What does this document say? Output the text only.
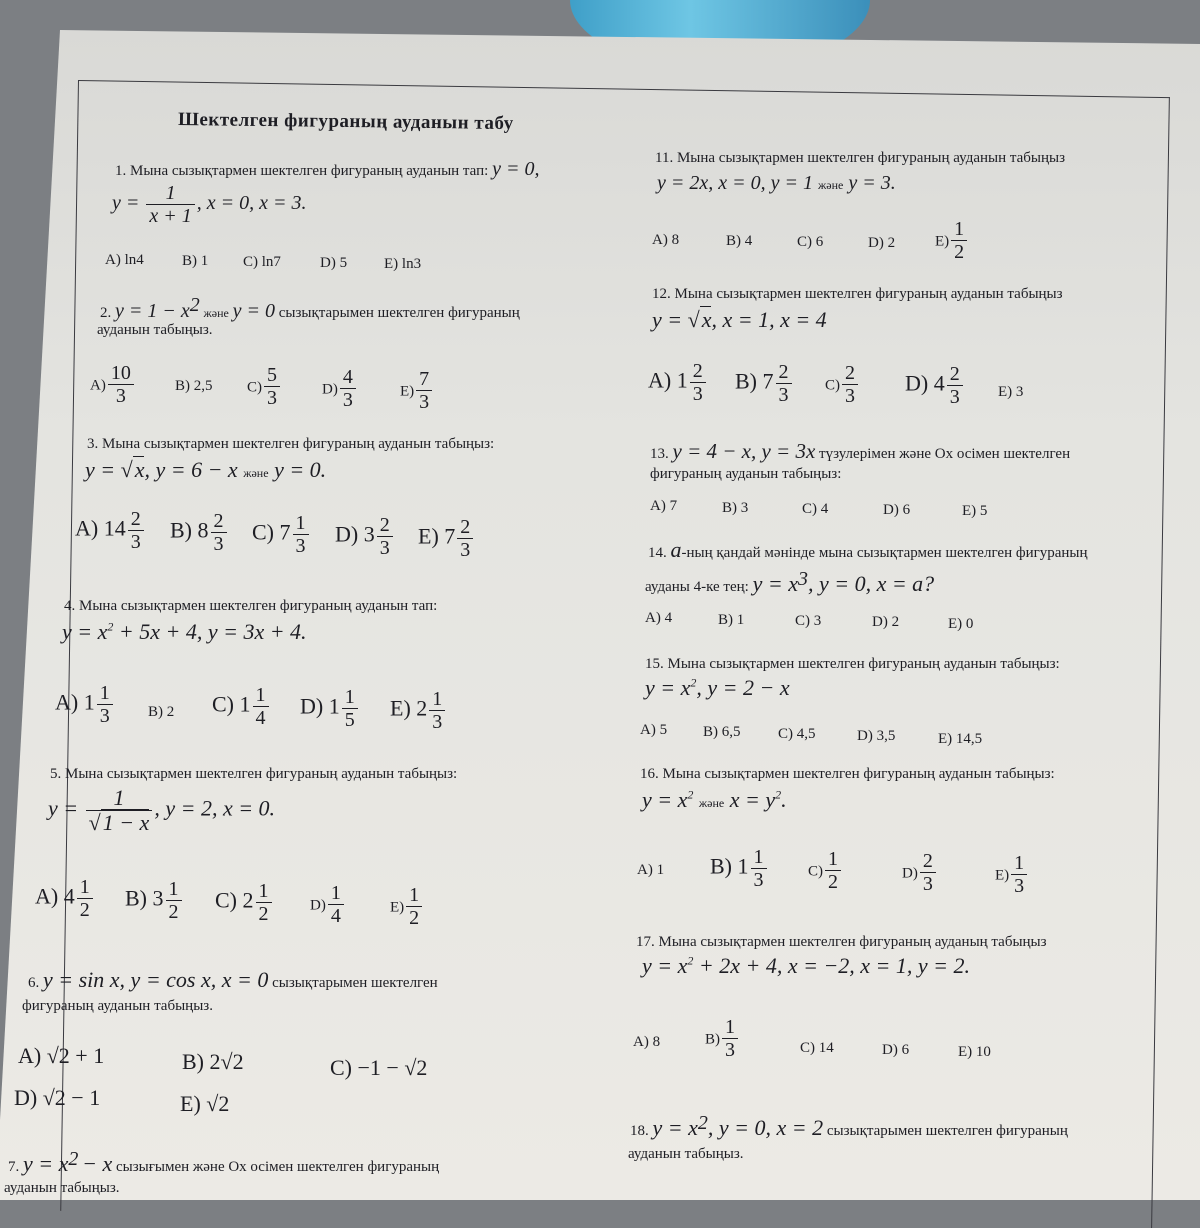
Шектелген фигураның ауданын табу
1. Мына сызықтармен шектелген фигураның ауданын тап: y = 0,
$y = \frac{1}{x + 1}$ , x = 0, x = 3.
A) ln4	B) 1 C) ln7	D) 5 E) ln3
2. $y = 1 - x^2$ және y = 0 сызықтарымен шектелген фигураның
ауданын табыңыз.
$A) \frac{10}{3}$	B) 2,5 $C) \frac{5}{3}$	$D) \frac{4}{3}$	$E) \frac{7}{3}$
3. Мына сызықтармен шектелген фигураның ауданын табыңыз:
y = √x, y = 6 − x және y = 0.
A) $14 \frac{2}{3} B$) $8 \frac{2}{3} C$) $7 \frac{1}{3} D$) $3 \frac{2}{3} E$) $7 \frac{2}{3}$
4. Мына сызықтармен шектелген фигураның ауданын тап:
$y = x^2 + 5x + 4$, y = 3x + 4.
A) $1 \frac{1}{3} B$) 2 C) $1 \frac{1}{4} D$) $1 \frac{1}{5} E$) $2 \frac{1}{3}$
5. Мына сызықтармен шектелген фигураның ауданын табыңыз:
$y = \frac{1}{√1 - x}$ , y = 2, x = 0.
A) $4 \frac{1}{2} B$) $3 \frac{1}{2} C$) $2 \frac{1}{2}$	$D) \frac{1}{4}$	$E) \frac{1}{2}$
6. y = sin x, y = cos x, x = 0 сызықтарымен шектелген
фигураның ауданын табыңыз.
A) √2 + 1	B) 2√2	C) −1 − √2
D) √2 − 1	E) √2
7. $y = x^2 - x$ сызығымен және Ох осімен шектелген фигураның
ауданын табыңыз.
11. Мына сызықтармен шектелген фигураның ауданын табыңыз
y = 2x, x = 0, y = 1 және y = 3.
A) 8	B) 4	C) 6	D) 2	$E) \frac{1}{2}$
12. Мына сызықтармен шектелген фигураның ауданын табыңыз
y = √x, x = 1, x = 4
A) $1 \frac{2}{3} B$) $7 \frac{2}{3} C) \frac{2}{3} D$) $4 \frac{2}{3} E$) 3
13. y = 4 − x, y = 3x түзулерімен және Ох осімен шектелген
фигураның ауданын табыңыз:
A) 7	B) 3	C) 4	D) 6	E) 5
14. a-ның қандай мәнінде мына сызықтармен шектелген фигураның
ауданы 4-ке тең: $y = x^3$, y = 0, x = a?
A) 4	B) 1	C) 3	D) 2	E) 0
15. Мына сызықтармен шектелген фигураның ауданын табыңыз:
$y = x^2$, y = 2 − x
A) 5 B) 6,5	C) 4,5	D) 3,5	E) 14,5
16. Мына сызықтармен шектелген фигураның ауданын табыңыз:
$y = x^2$ және $x = y^2$.
A) 1 B) $1 \frac{1}{3}$	$C) \frac{1}{2}$	$D) \frac{2}{3}$	$E) \frac{1}{3}$
17. Мына сызықтармен шектелген фигураның ауданың табыңыз
$y = x^2 + 2x + 4$, x = −2, x = 1, y = 2.
A) 8	$B) \frac{1}{3}$	C) 14	D) 6	E) 10
18. $y = x^2$, y = 0, x = 2 сызықтарымен шектелген фигураның
ауданын табыңыз.
